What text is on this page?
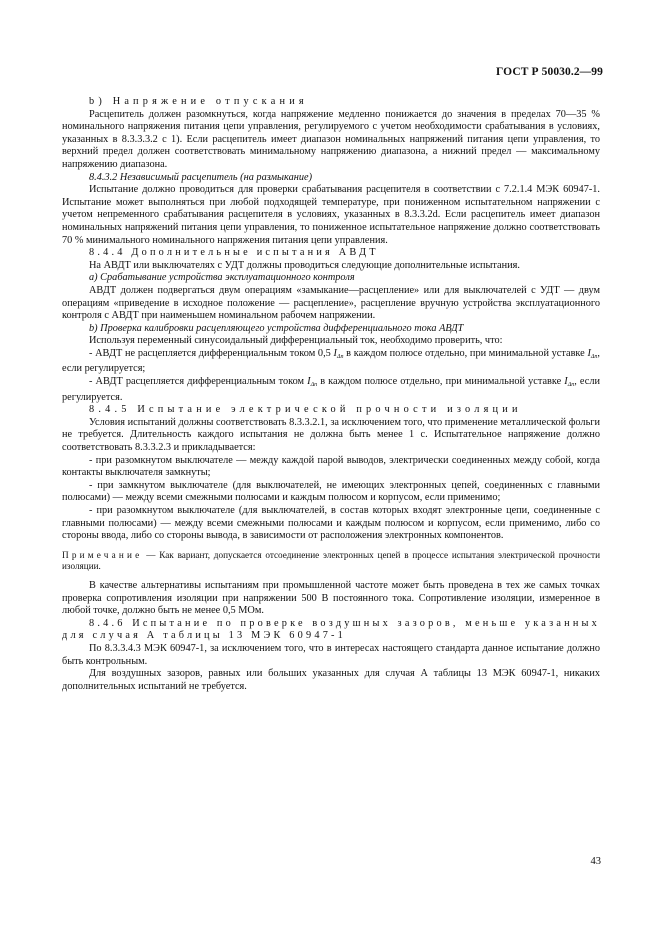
ГОСТ Р 50030.2—99

b) Напряжение отпускания

Расцепитель должен разомкнуться, когда напряжение медленно понижается до значения в пределах 70—35 % номинального напряжения питания цепи управления, регулируемого с учетом необходимости срабатывания в условиях, указанных в 8.3.3.3.2 с 1). Если расцепитель имеет диапазон номинальных напряжений питания цепи управления, то верхний предел должен соответствовать минимальному напряжению диапазона, а нижний предел — максимальному напряжению диапазона.

8.4.3.2 Независимый расцепитель (на размыкание)

Испытание должно проводиться для проверки срабатывания расцепителя в соответствии с 7.2.1.4 МЭК 60947-1. Испытание может выполняться при любой подходящей температуре, при пониженном испытательном напряжении с учетом непременного срабатывания расцепителя в условиях, указанных в 8.3.3.2d. Если расцепитель имеет диапазон номинальных напряжений питания цепи управления, то пониженное испытательное напряжение должно соответствовать 70 % минимального номинального напряжения питания цепи управления.

8.4.4 Дополнительные испытания АВДТ

На АВДТ или выключателях с УДТ должны проводиться следующие дополнительные испытания.

a) Срабатывание устройства эксплуатационного контроля

АВДТ должен подвергаться двум операциям «замыкание—расцепление» или для выключателей с УДТ — двум операциям «приведение в исходное положение — расцепление», расцепление вручную устройства эксплуатационного контроля с АВДТ при наименьшем номинальном рабочем напряжении.

b) Проверка калибровки расцепляющего устройства дифференциального тока АВДТ

Используя переменный синусоидальный дифференциальный ток, необходимо проверить, что:

- АВДТ не расцепляется дифференциальным током 0,5 $I_{\Delta n}$ в каждом полюсе отдельно, при минимальной уставке $I_{\Delta n}$, если регулируется;

- АВДТ расцепляется дифференциальным током $I_{\Delta n}$ в каждом полюсе отдельно, при минимальной уставке $I_{\Delta n}$, если регулируется.

8.4.5 Испытание электрической прочности изоляции

Условия испытаний должны соответствовать 8.3.3.2.1, за исключением того, что применение металлической фольги не требуется. Длительность каждого испытания не должна быть менее 1 с. Испытательное напряжение должно соответствовать 8.3.3.2.3 и прикладывается:

- при разомкнутом выключателе — между каждой парой выводов, электрически соединенных между собой, когда контакты выключателя замкнуты;

- при замкнутом выключателе (для выключателей, не имеющих электронных цепей, соединенных с главными полюсами) — между всеми смежными полюсами и каждым полюсом и корпусом, если применимо;

- при разомкнутом выключателе (для выключателей, в состав которых входят электронные цепи, соединенные с главными полюсами) — между всеми смежными полюсами и каждым полюсом и корпусом, если применимо, либо со стороны ввода, либо со стороны вывода, в зависимости от расположения электронных компонентов.

Примечание — Как вариант, допускается отсоединение электронных цепей в процессе испытания электрической прочности изоляции.

В качестве альтернативы испытаниям при промышленной частоте может быть проведена в тех же самых точках проверка сопротивления изоляции при напряжении 500 В постоянного тока. Сопротивление изоляции, измеренное в любой точке, должно быть не менее 0,5 МОм.

8.4.6 Испытание по проверке воздушных зазоров, меньше указанных для случая А таблицы 13 МЭК 60947-1

По 8.3.3.4.3 МЭК 60947-1, за исключением того, что в интересах настоящего стандарта данное испытание должно быть контрольным.

Для воздушных зазоров, равных или больших указанных для случая А таблицы 13 МЭК 60947-1, никаких дополнительных испытаний не требуется.

43
